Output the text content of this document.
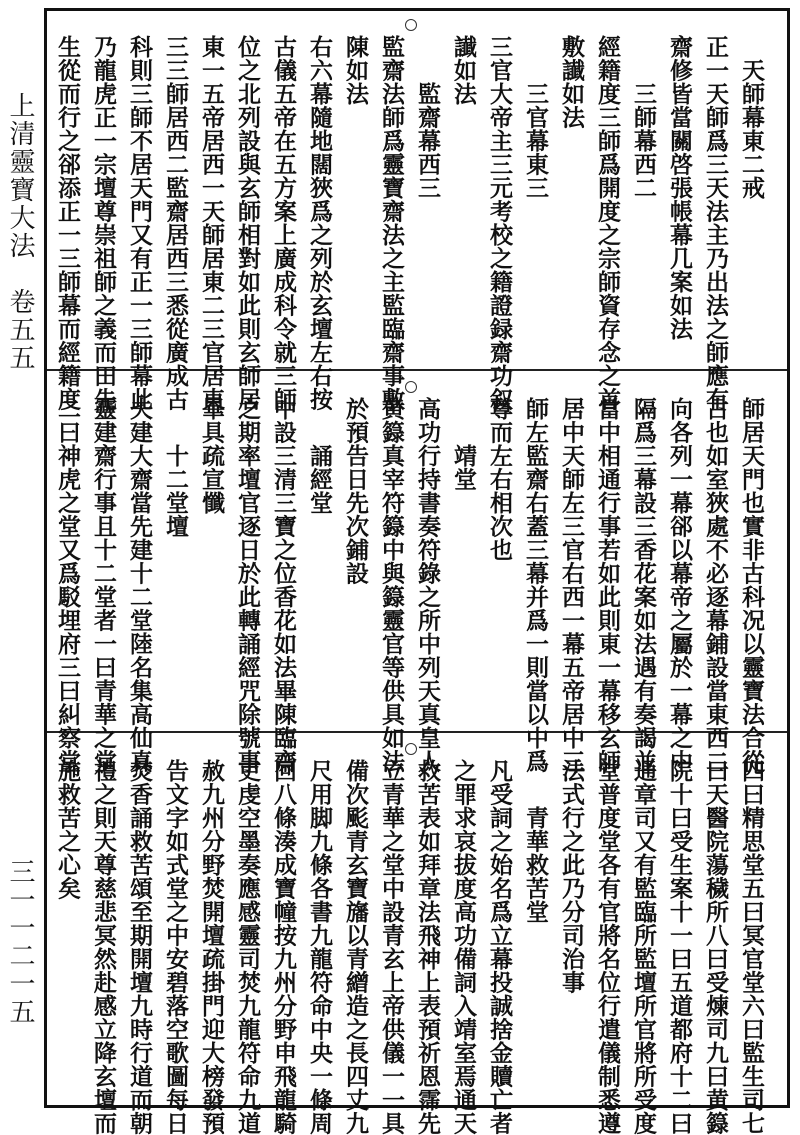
上清靈寶大法　卷五五
三一一二一五
　天師幕東二戒
正一天師爲三天法主乃出法之師應有
齋修皆當關啓張帳幕几案如法
　　三師幕西二
經籍度三師爲開度之宗師資存念之首
敷䜟如法
　　三官幕東三
三官大帝主三元考校之籍證録齋功叙
䜟如法
　　監齋幕西三
監齋法師爲靈寶齋法之主監臨齋事敷
陳如法
右六幕隨地闊狹爲之列於玄壇左右按
古儀五帝在五方案上廣成科令就三師
位之北列設與玄師相對如此則玄師居
東一五帝居西一天師居東二三官居東
三三師居西二監齋居西三悉從廣成古
科則三師不居天門又有正一三師幕此
乃龍虎正一宗壇尊崇祖師之義而田先
生從而行之郤添正一三師幕而經籍度
師居天門也實非古科况以靈寶法合從
古也如室狹處不必逐幕鋪設當東西二
向各列一幕郤以幕帝之屬於一幕之中
隔爲三幕設三香花案如法遇有奏謁並
當中相通行事若如此則東一幕移玄師
居中天師左三官右西一幕五帝居中三
師左監齋右蓋三幕并爲一則當以中爲
尊而左右相次也
　　靖堂
高功行持書奏符錄之所中列天真皇人
黄籙真宰符籙中與籙靈官等供具如法
於預告日先次鋪設
　　誦經堂
中設三清三寶之位香花如法畢陳臨齋
之期率壇官逐日於此轉誦經咒除號事
畢具疏宣懺
　　十二堂壇
夫建大齋當先建十二堂陸名集高仙真
靈建齋行事且十二堂者一曰青華之堂
二曰神虎之堂又爲駁埋府三曰糾察堂
四曰精思堂五曰冥官堂六曰監生司七
曰天醫院蕩穢所八曰受煉司九曰黄籙
院十曰受生案十一曰五道都府十二曰
通章司又有監臨所監壇所官將所受度
堂普度堂各有官將名位行遣儀制悉遵
法式行之此乃分司治事
　　青華救苦堂
凡受詞之始名爲立幕投誠捨金贖亡者
之罪求哀拔度高功備詞入靖室焉通天
救苦表如拜章法飛神上表預祈恩霈先
立青華之堂中設青玄上帝供儀一一具
備次颩青玄寶旛以青繒造之長四丈九
尺用脚九條各書九龍符命中央一條周
回八條湊成寶幢按九州分野申飛龍騎
吏虔空墨奏應感靈司焚九龍符命九道
赦九州分野焚開壇疏掛門迎大榜發預
告文字如式堂之中安碧落空歌圖每日
焚香誦救苦頌至期開壇九時行道而朝
禮之則天尊慈悲冥然赴感立降玄壇而
施救苦之心矣
